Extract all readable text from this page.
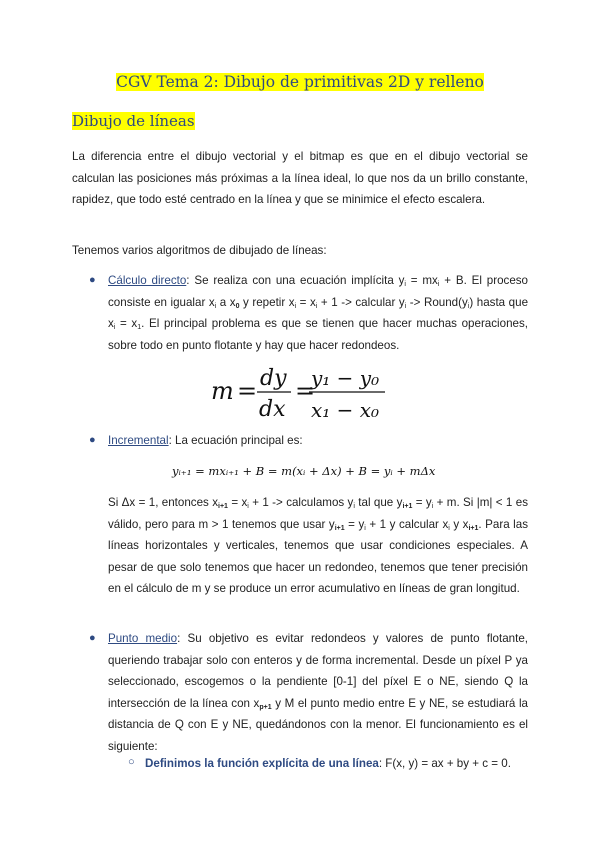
CGV Tema 2: Dibujo de primitivas 2D y relleno
Dibujo de líneas
La diferencia entre el dibujo vectorial y el bitmap es que en el dibujo vectorial se calculan las posiciones más próximas a la línea ideal, lo que nos da un brillo constante, rapidez, que todo esté centrado en la línea y que se minimice el efecto escalera.
Tenemos varios algoritmos de dibujado de líneas:
● Cálculo directo: Se realiza con una ecuación implícita $y_i = mx_i + B$. El proceso consiste en igualar $x_i$ a $x_0$ y repetir $x_i = x_i + 1$ -> calcular $y_i$ -> $Round(y_i)$ hasta que $x_i = x_1$. El principal problema es que se tienen que hacer muchas operaciones, sobre todo en punto flotante y hay que hacer redondeos.
m = dy
dx
=
y₁ − y₀
x₁ − x₀
● Incremental: La ecuación principal es:
yᵢ₊₁ = mxᵢ₊₁ + B = m(xᵢ + Δx) + B = yᵢ + mΔx
Si Δx = 1, entonces $x_{i+1} = x_i + 1$ -> calculamos $y_i$ tal que $y_{i+1} = y_i + m$. Si |m| < 1 es válido, pero para m > 1 tenemos que usar $y_{i+1} = y_i + 1$ y calcular $x_i$ y $x_{i+1}$. Para las líneas horizontales y verticales, tenemos que usar condiciones especiales. A pesar de que solo tenemos que hacer un redondeo, tenemos que tener precisión en el cálculo de m y se produce un error acumulativo en líneas de gran longitud.
● Punto medio: Su objetivo es evitar redondeos y valores de punto flotante, queriendo trabajar solo con enteros y de forma incremental. Desde un píxel P ya seleccionado, escogemos o la pendiente [0-1] del píxel E o NE, siendo Q la intersección de la línea con $x_{p+1}$ y M el punto medio entre E y NE, se estudiará la distancia de Q con E y NE, quedándonos con la menor. El funcionamiento es el siguiente:
○ Definimos la función explícita de una línea: F(x, y) = ax + by + c = 0.
